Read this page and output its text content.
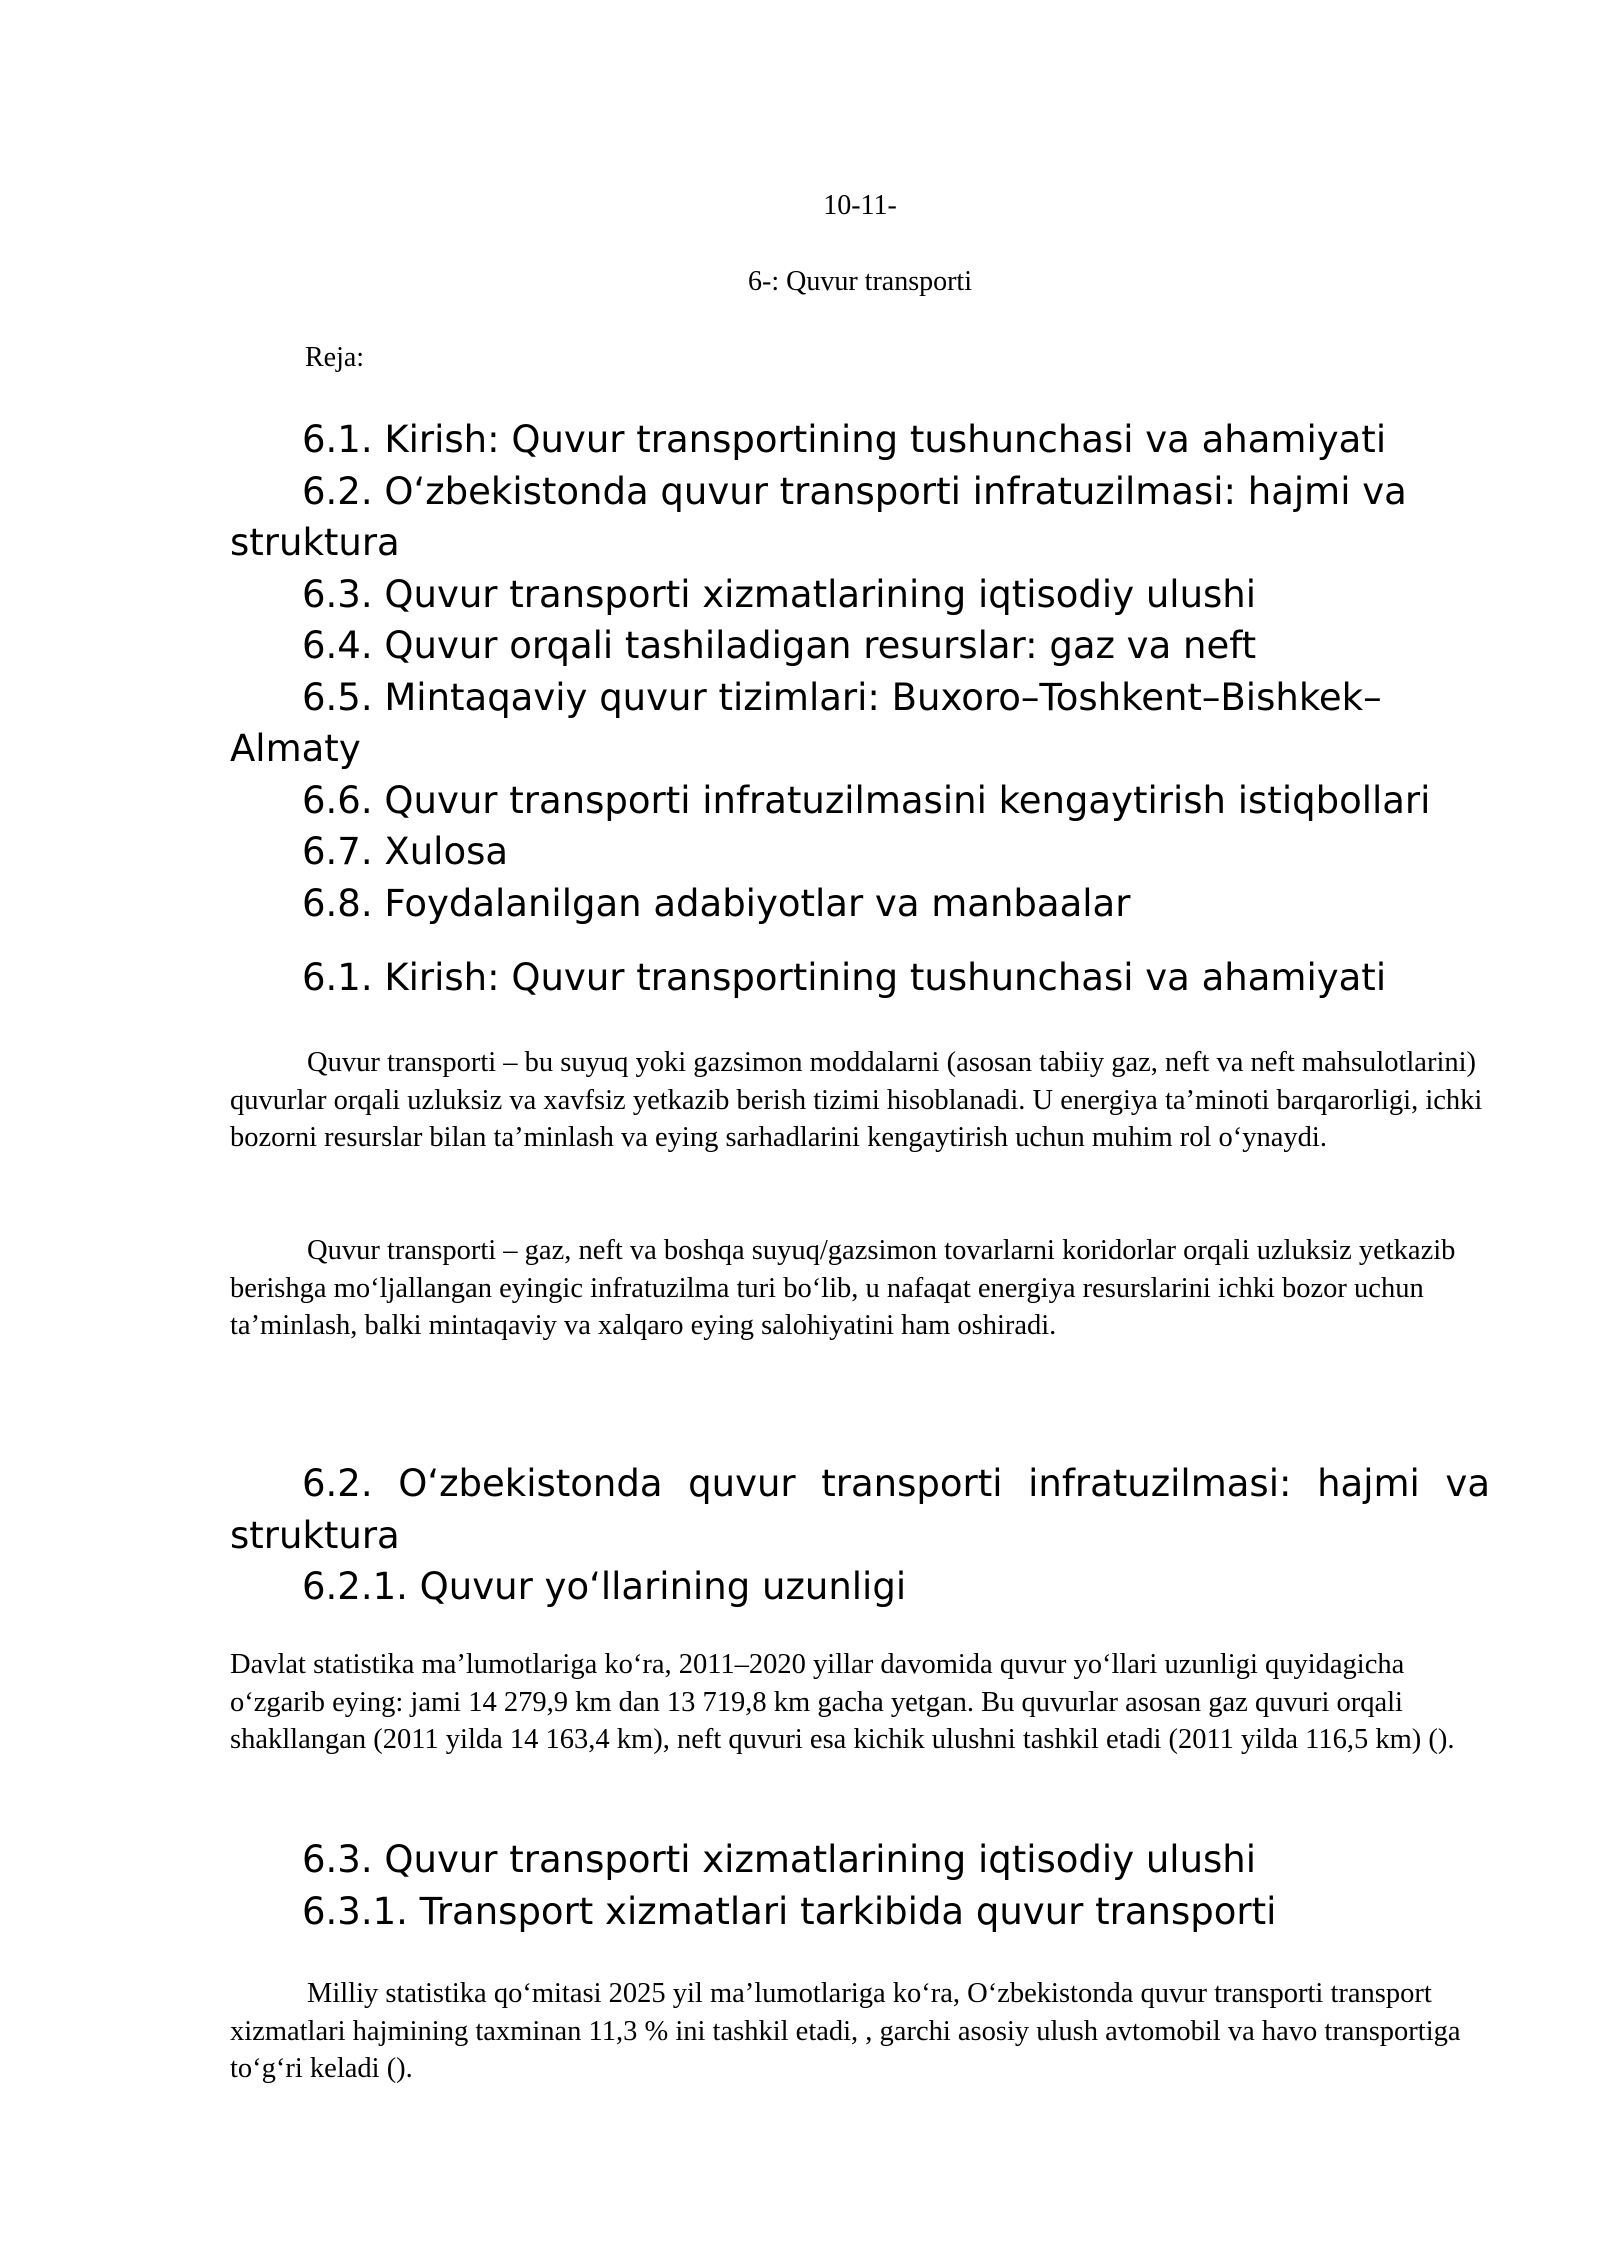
10-11-

6-: Quvur transporti

Reja:

6.1. Kirish: Quvur transportining tushunchasi va ahamiyati

6.2. O‘zbekistonda quvur transporti infratuzilmasi: hajmi va struktura

6.3. Quvur transporti xizmatlarining iqtisodiy ulushi

6.4. Quvur orqali tashiladigan resurslar: gaz va neft

6.5. Mintaqaviy quvur tizimlari: Buxoro–Toshkent–Bishkek–Almaty

6.6. Quvur transporti infratuzilmasini kengaytirish istiqbollari

6.7. Xulosa

6.8. Foydalanilgan adabiyotlar va manbaalar

6.1. Kirish: Quvur transportining tushunchasi va ahamiyati

Quvur transporti – bu suyuq yoki gazsimon moddalarni (asosan tabiiy gaz, neft va neft mahsulotlarini) quvurlar orqali uzluksiz va xavfsiz yetkazib berish tizimi hisoblanadi. U energiya ta’minoti barqarorligi, ichki bozorni resurslar bilan ta’minlash va eying sarhadlarini kengaytirish uchun muhim rol o‘ynaydi.

Quvur transporti – gaz, neft va boshqa suyuq/gazsimon tovarlarni koridorlar orqali uzluksiz yetkazib berishga mo‘ljallangan eyingic infratuzilma turi bo‘lib, u nafaqat energiya resurslarini ichki bozor uchun ta’minlash, balki mintaqaviy va xalqaro eying salohiyatini ham oshiradi.

6.2. O‘zbekistonda quvur transporti infratuzilmasi: hajmi va struktura

6.2.1. Quvur yo‘llarining uzunligi

Davlat statistika ma’lumotlariga ko‘ra, 2011–2020 yillar davomida quvur yo‘llari uzunligi quyidagicha o‘zgarib eying: jami 14 279,9 km dan 13 719,8 km gacha yetgan. Bu quvurlar asosan gaz quvuri orqali shakllangan (2011 yilda 14 163,4 km), neft quvuri esa kichik ulushni tashkil etadi (2011 yilda 116,5 km) ().

6.3. Quvur transporti xizmatlarining iqtisodiy ulushi

6.3.1. Transport xizmatlari tarkibida quvur transporti

Milliy statistika qo‘mitasi 2025 yil ma’lumotlariga ko‘ra, O‘zbekistonda quvur transporti transport xizmatlari hajmining taxminan 11,3 % ini tashkil etadi, , garchi asosiy ulush avtomobil va havo transportiga to‘g‘ri keladi ().
